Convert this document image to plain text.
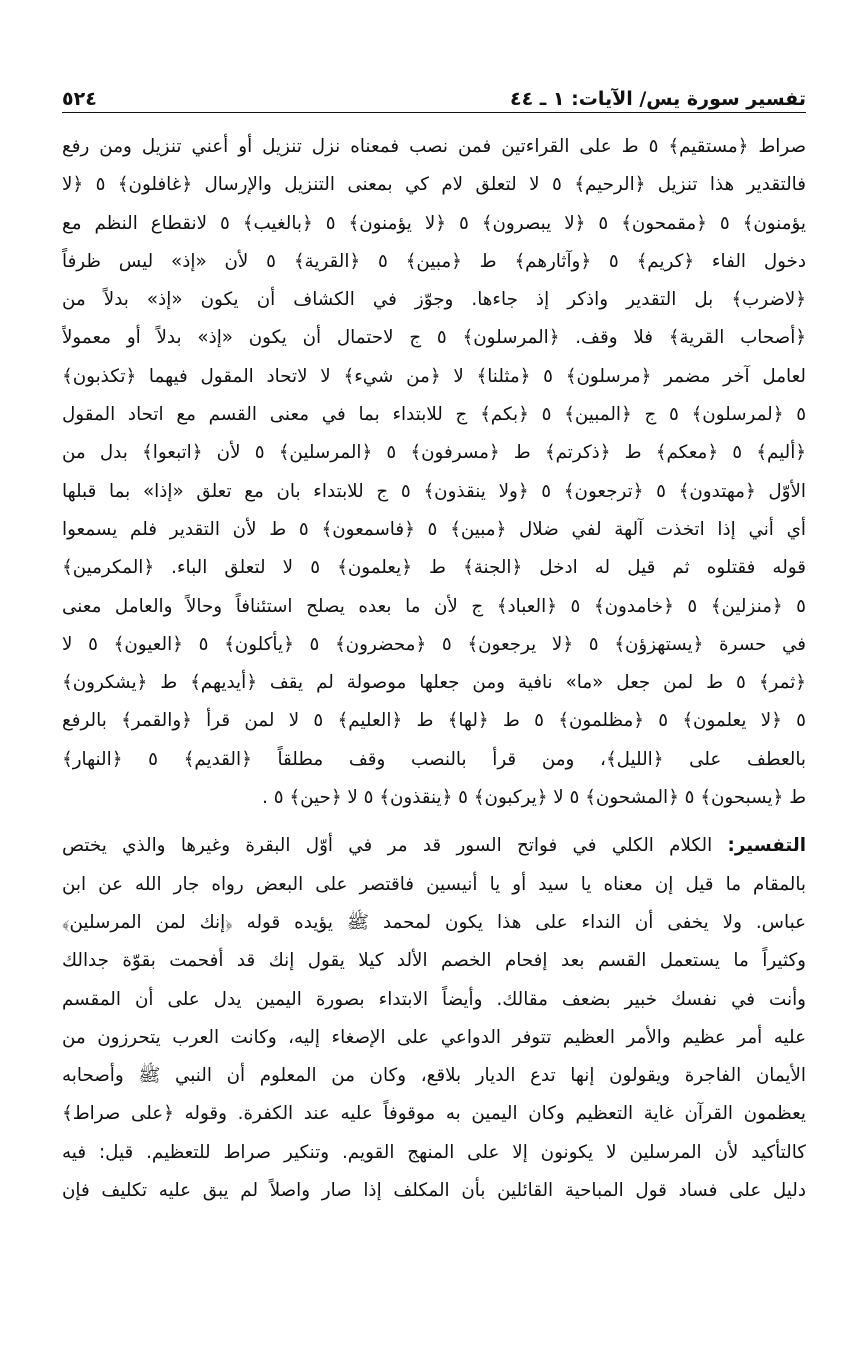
تفسير سورة يس/ الآيات: ١ ـ ٤٤
٥٢٤
صراط ﴿مستقيم﴾ ٥ ط على القراءتين فمن نصب فمعناه نزل تنزيل أو أعني تنزيل ومن رفع
فالتقدير هذا تنزيل ﴿الرحيم﴾ ٥ لا لتعلق لام كي بمعنى التنزيل والإرسال ﴿غافلون﴾ ٥ ﴿لا
يؤمنون﴾ ٥ ﴿مقمحون﴾ ٥ ﴿لا يبصرون﴾ ٥ ﴿لا يؤمنون﴾ ٥ ﴿بالغيب﴾ ٥ لانقطاع النظم مع
دخول الفاء ﴿كريم﴾ ٥ ﴿وآثارهم﴾ ط ﴿مبين﴾ ٥ ﴿القرية﴾ ٥ لأن «إذ» ليس ظرفاً
﴿لاضرب﴾ بل التقدير واذكر إذ جاءها. وجوّز في الكشاف أن يكون «إذ» بدلاً من
﴿أصحاب القرية﴾ فلا وقف. ﴿المرسلون﴾ ٥ ج لاحتمال أن يكون «إذ» بدلاً أو معمولاً
لعامل آخر مضمر ﴿مرسلون﴾ ٥ ﴿مثلنا﴾ لا ﴿من شيء﴾ لا لاتحاد المقول فيهما ﴿تكذبون﴾
٥ ﴿لمرسلون﴾ ٥ ج ﴿المبين﴾ ٥ ﴿بكم﴾ ج للابتداء بما في معنى القسم مع اتحاد المقول
﴿أليم﴾ ٥ ﴿معكم﴾ ط ﴿ذكرتم﴾ ط ﴿مسرفون﴾ ٥ ﴿المرسلين﴾ ٥ لأن ﴿اتبعوا﴾ بدل من
الأوّل ﴿مهتدون﴾ ٥ ﴿ترجعون﴾ ٥ ﴿ولا ينقذون﴾ ٥ ج للابتداء بان مع تعلق «إذا» بما قبلها
أي أني إذا اتخذت آلهة لفي ضلال ﴿مبين﴾ ٥ ﴿فاسمعون﴾ ٥ ط لأن التقدير فلم يسمعوا
قوله فقتلوه ثم قيل له ادخل ﴿الجنة﴾ ط ﴿يعلمون﴾ ٥ لا لتعلق الباء. ﴿المكرمين﴾
٥ ﴿منزلين﴾ ٥ ﴿خامدون﴾ ٥ ﴿العباد﴾ ج لأن ما بعده يصلح استئنافاً وحالاً والعامل معنى
في حسرة ﴿يستهزؤن﴾ ٥ ﴿لا يرجعون﴾ ٥ ﴿محضرون﴾ ٥ ﴿يأكلون﴾ ٥ ﴿العيون﴾ ٥ لا
﴿ثمر﴾ ٥ ط لمن جعل «ما» نافية ومن جعلها موصولة لم يقف ﴿أيديهم﴾ ط ﴿يشكرون﴾
٥ ﴿لا يعلمون﴾ ٥ ﴿مظلمون﴾ ٥ ط ﴿لها﴾ ط ﴿العليم﴾ ٥ لا لمن قرأ ﴿والقمر﴾ بالرفع
بالعطف على ﴿الليل﴾، ومن قرأ بالنصب وقف مطلقاً ﴿القديم﴾ ٥ ﴿النهار﴾
ط ﴿يسبحون﴾ ٥ ﴿المشحون﴾ ٥ لا ﴿يركبون﴾ ٥ ﴿ينقذون﴾ ٥ لا ﴿حين﴾ ٥ .
التفسير: الكلام الكلي في فواتح السور قد مر في أوّل البقرة وغيرها والذي يختص
بالمقام ما قيل إن معناه يا سيد أو يا أنيسين فاقتصر على البعض رواه جار الله عن ابن
عباس. ولا يخفى أن النداء على هذا يكون لمحمد ﷺ يؤيده قوله ﴿إنك لمن المرسلين﴾
وكثيراً ما يستعمل القسم بعد إفحام الخصم الألد كيلا يقول إنك قد أفحمت بقوّة جدالك
وأنت في نفسك خبير بضعف مقالك. وأيضاً الابتداء بصورة اليمين يدل على أن المقسم
عليه أمر عظيم والأمر العظيم تتوفر الدواعي على الإصغاء إليه، وكانت العرب يتحرزون من
الأيمان الفاجرة ويقولون إنها تدع الديار بلاقع، وكان من المعلوم أن النبي ﷺ وأصحابه
يعظمون القرآن غاية التعظيم وكان اليمين به موقوفاً عليه عند الكفرة. وقوله ﴿على صراط﴾
كالتأكيد لأن المرسلين لا يكونون إلا على المنهج القويم. وتنكير صراط للتعظيم. قيل: فيه
دليل على فساد قول المباحية القائلين بأن المكلف إذا صار واصلاً لم يبق عليه تكليف فإن
